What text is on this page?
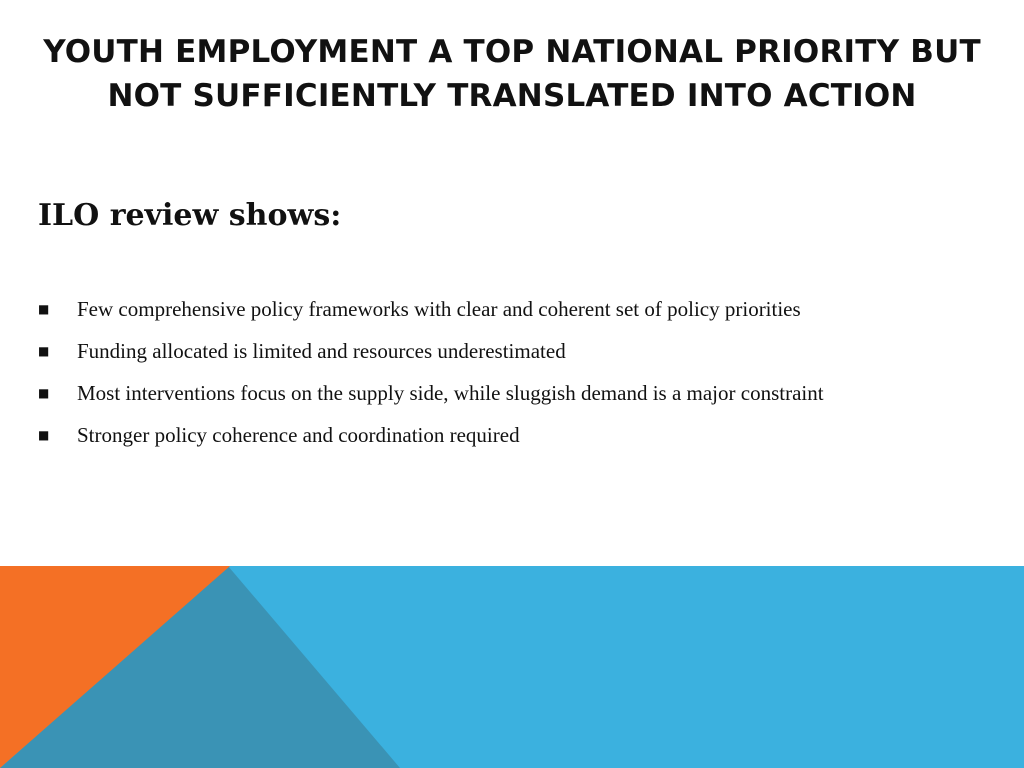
YOUTH EMPLOYMENT A TOP NATIONAL PRIORITY BUT NOT SUFFICIENTLY TRANSLATED INTO ACTION
ILO review shows:
■	Few comprehensive policy frameworks with clear and coherent set of policy priorities
■	Funding allocated is limited and resources underestimated
■	Most interventions focus on the supply side, while sluggish demand is a major constraint
■	Stronger policy coherence and coordination required
